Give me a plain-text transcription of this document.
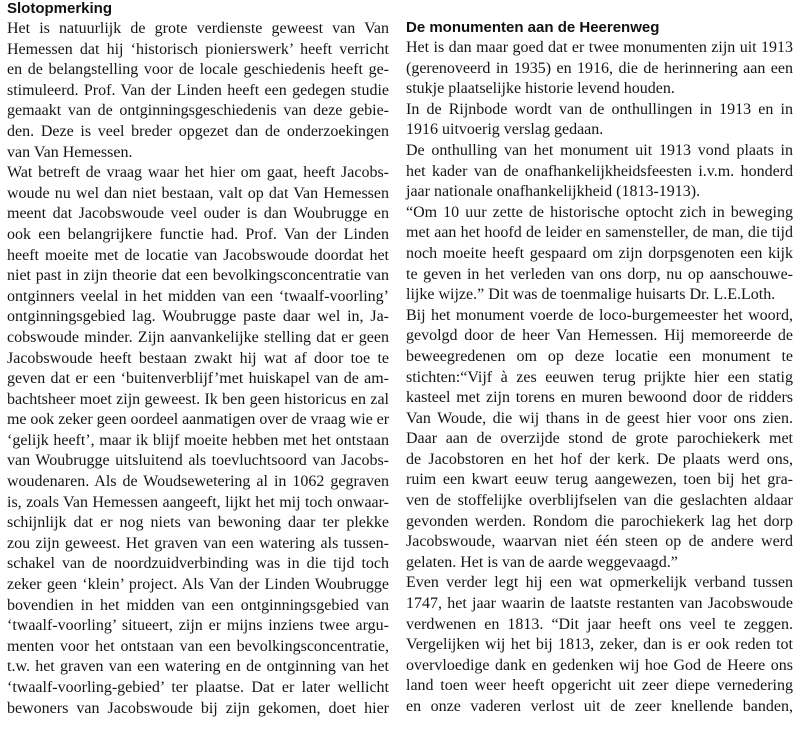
Slotopmerking

Het is natuurlijk de grote verdienste geweest van Van
Hemessen dat hij ‘historisch pionierswerk’ heeft verricht
en de belangstelling voor de locale geschiedenis heeft ge-
stimuleerd. Prof. Van der Linden heeft een gedegen studie
gemaakt van de ontginningsgeschiedenis van deze gebie-
den. Deze is veel breder opgezet dan de onderzoekingen
van Van Hemessen.

Wat betreft de vraag waar het hier om gaat, heeft Jacobs-
woude nu wel dan niet bestaan, valt op dat Van Hemessen
meent dat Jacobswoude veel ouder is dan Woubrugge en
ook een belangrijkere functie had. Prof. Van der Linden
heeft moeite met de locatie van Jacobswoude doordat het
niet past in zijn theorie dat een bevolkingsconcentratie van
ontginners veelal in het midden van een ‘twaalf-voorling’
ontginningsgebied lag. Woubrugge paste daar wel in, Ja-
cobswoude minder. Zijn aanvankelijke stelling dat er geen
Jacobswoude heeft bestaan zwakt hij wat af door toe te
geven dat er een ‘buitenverblijf’met huiskapel van de am-
bachtsheer moet zijn geweest. Ik ben geen historicus en zal
me ook zeker geen oordeel aanmatigen over de vraag wie er
‘gelijk heeft’, maar ik blijf moeite hebben met het ontstaan
van Woubrugge uitsluitend als toevluchtsoord van Jacobs-
woudenaren. Als de Woudsewetering al in 1062 gegraven
is, zoals Van Hemessen aangeeft, lijkt het mij toch onwaar-
schijnlijk dat er nog niets van bewoning daar ter plekke
zou zijn geweest. Het graven van een watering als tussen-
schakel van de noordzuidverbinding was in die tijd toch
zeker geen ‘klein’ project. Als Van der Linden Woubrugge
bovendien in het midden van een ontginningsgebied van
‘twaalf-voorling’ situeert, zijn er mijns inziens twee argu-
menten voor het ontstaan van een bevolkingsconcentratie,
t.w. het graven van een watering en de ontginning van het
‘twaalf-voorling-gebied’ ter plaatse. Dat er later wellicht
bewoners van Jacobswoude bij zijn gekomen, doet hier

De monumenten aan de Heerenweg

Het is dan maar goed dat er twee monumenten zijn uit 1913
(gerenoveerd in 1935) en 1916, die de herinnering aan een
stukje plaatselijke historie levend houden.

In de Rijnbode wordt van de onthullingen in 1913 en in
1916 uitvoerig verslag gedaan.

De onthulling van het monument uit 1913 vond plaats in
het kader van de onafhankelijkheidsfeesten i.v.m. honderd
jaar nationale onafhankelijkheid (1813-1913).

“Om 10 uur zette de historische optocht zich in beweging
met aan het hoofd de leider en samensteller, de man, die tijd
noch moeite heeft gespaard om zijn dorpsgenoten een kijk
te geven in het verleden van ons dorp, nu op aanschouwe-
lijke wijze.” Dit was de toenmalige huisarts Dr. L.E.Loth.

Bij het monument voerde de loco-burgemeester het woord,
gevolgd door de heer Van Hemessen. Hij memoreerde de
beweegredenen om op deze locatie een monument te
stichten:“Vijf à zes eeuwen terug prijkte hier een statig
kasteel met zijn torens en muren bewoond door de ridders
Van Woude, die wij thans in de geest hier voor ons zien.
Daar aan de overzijde stond de grote parochiekerk met
de Jacobstoren en het hof der kerk. De plaats werd ons,
ruim een kwart eeuw terug aangewezen, toen bij het gra-
ven de stoffelijke overblijfselen van die geslachten aldaar
gevonden werden. Rondom die parochiekerk lag het dorp
Jacobswoude, waarvan niet één steen op de andere werd
gelaten. Het is van de aarde weggevaagd.”

Even verder legt hij een wat opmerkelijk verband tussen
1747, het jaar waarin de laatste restanten van Jacobswoude
verdwenen en 1813. “Dit jaar heeft ons veel te zeggen.
Vergelijken wij het bij 1813, zeker, dan is er ook reden tot
overvloedige dank en gedenken wij hoe God de Heere ons
land toen weer heeft opgericht uit zeer diepe vernedering
en onze vaderen verlost uit de zeer knellende banden,
